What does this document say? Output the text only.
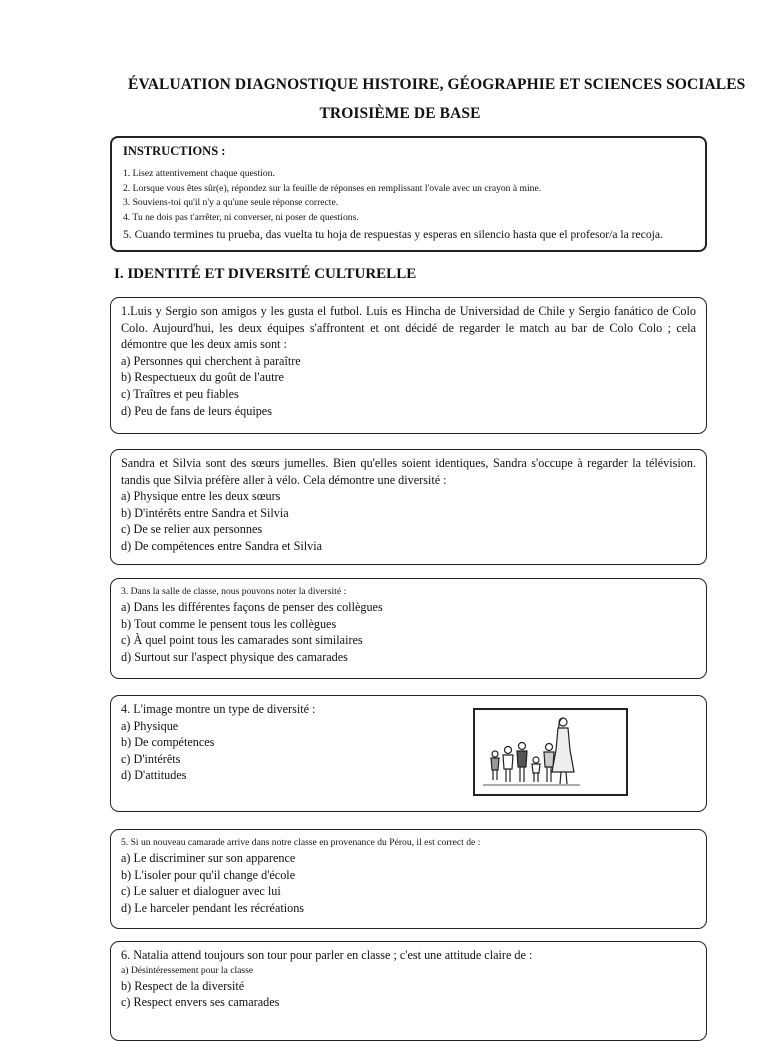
ÉVALUATION DIAGNOSTIQUE HISTOIRE, GÉOGRAPHIE ET SCIENCES SOCIALES
TROISIÈME DE BASE
INSTRUCTIONS :
1. Lisez attentivement chaque question.
2. Lorsque vous êtes sûr(e), répondez sur la feuille de réponses en remplissant l'ovale avec un crayon à mine.
3. Souviens-toi qu'il n'y a qu'une seule réponse correcte.
4. Tu ne dois pas t'arrêter, ni converser, ni poser de questions.
5. Cuando termines tu prueba, das vuelta tu hoja de respuestas y esperas en silencio hasta que el profesor/a la recoja.
I. IDENTITÉ ET DIVERSITÉ CULTURELLE
1.Luis y Sergio son amigos y les gusta el futbol. Luis es Hincha de Universidad de Chile y Sergio fanático de Colo Colo. Aujourd'hui, les deux équipes s'affrontent et ont décidé de regarder le match au bar de Colo Colo ; cela démontre que les deux amis sont :
a) Personnes qui cherchent à paraître
b) Respectueux du goût de l'autre
c) Traîtres et peu fiables
d) Peu de fans de leurs équipes
Sandra et Silvia sont des sœurs jumelles. Bien qu'elles soient identiques, Sandra s'occupe à regarder la télévision. tandis que Silvia préfère aller à vélo. Cela démontre une diversité :
a) Physique entre les deux sœurs
b) D'intérêts entre Sandra et Silvia
c) De se relier aux personnes
d) De compétences entre Sandra et Silvia
3. Dans la salle de classe, nous pouvons noter la diversité :
a) Dans les différentes façons de penser des collègues
b) Tout comme le pensent tous les collègues
c) À quel point tous les camarades sont similaires
d) Surtout sur l'aspect physique des camarades
4. L'image montre un type de diversité :
a) Physique
b) De compétences
c) D'intérêts
d) D'attitudes
5. Si un nouveau camarade arrive dans notre classe en provenance du Pérou, il est correct de :
a) Le discriminer sur son apparence
b) L'isoler pour qu'il change d'école
c) Le saluer et dialoguer avec lui
d) Le harceler pendant les récréations
6. Natalia attend toujours son tour pour parler en classe ; c'est une attitude claire de :
a) Désintéressement pour la classe
b) Respect de la diversité
c) Respect envers ses camarades
